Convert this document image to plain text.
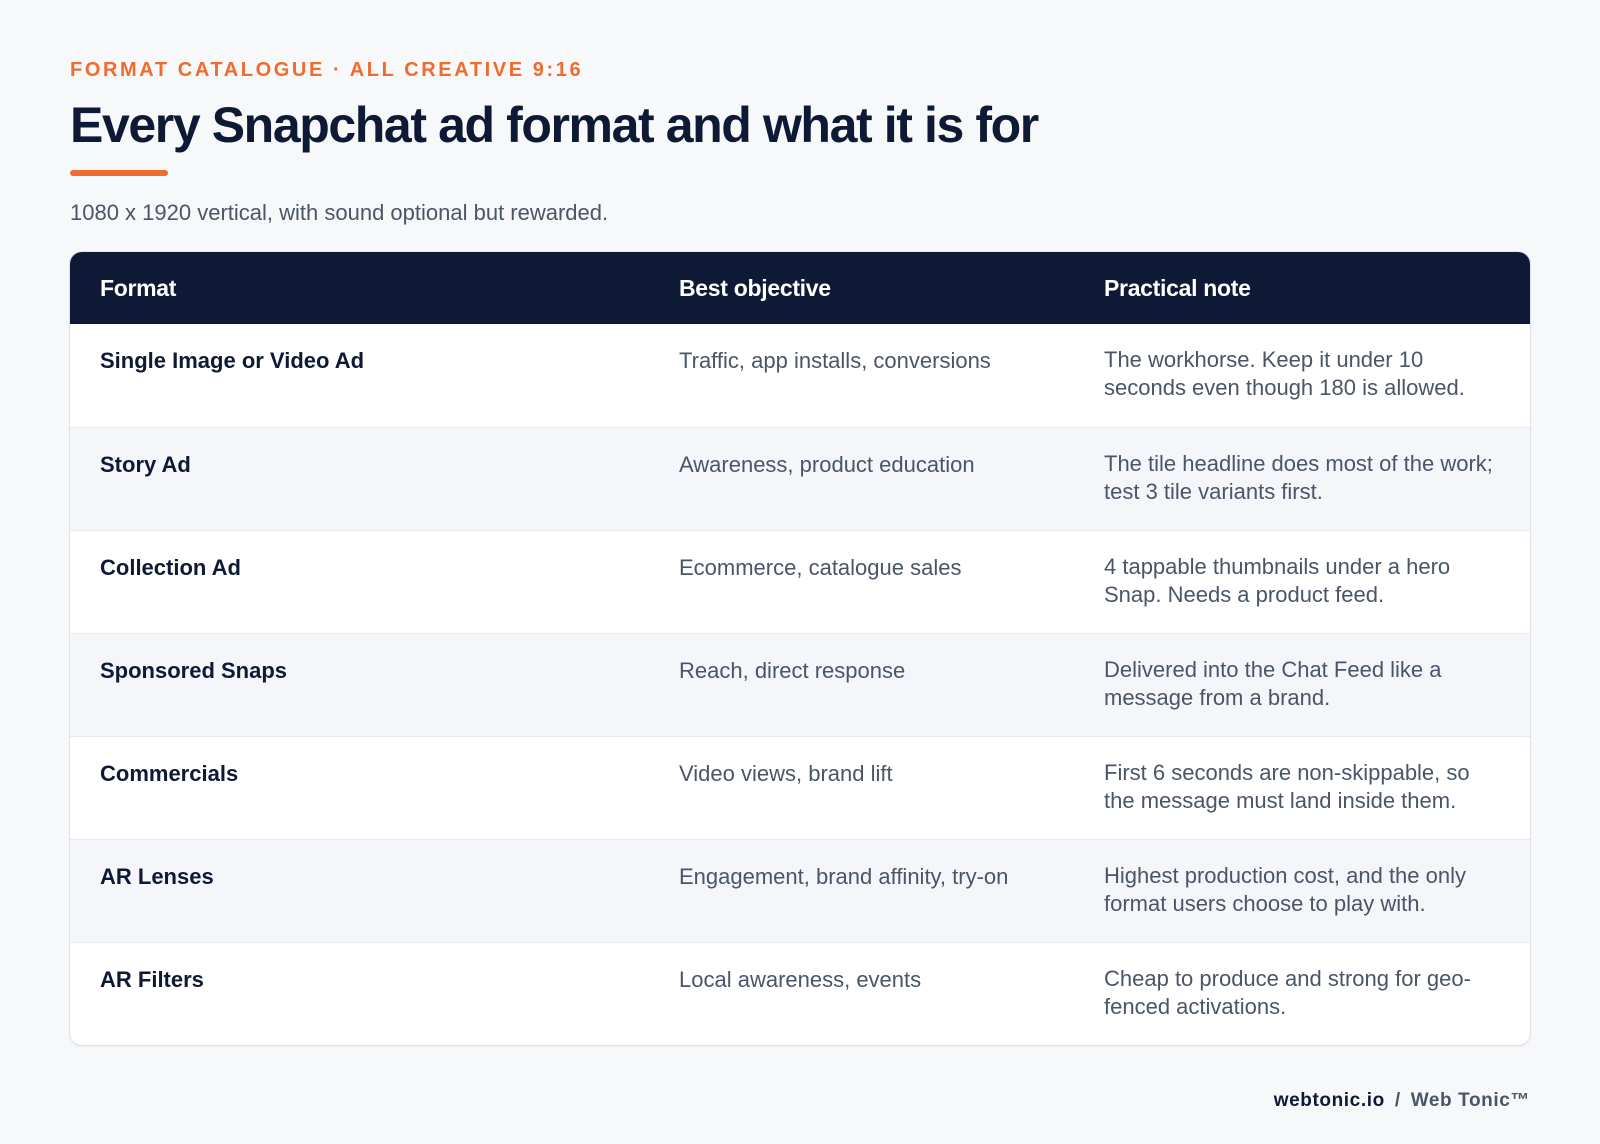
FORMAT CATALOGUE · ALL CREATIVE 9:16
Every Snapchat ad format and what it is for
1080 x 1920 vertical, with sound optional but rewarded.
Format	Best objective	Practical note
Single Image or Video Ad	Traffic, app installs, conversions	The workhorse. Keep it under 10 seconds even though 180 is allowed.
Story Ad	Awareness, product education	The tile headline does most of the work; test 3 tile variants first.
Collection Ad	Ecommerce, catalogue sales	4 tappable thumbnails under a hero Snap. Needs a product feed.
Sponsored Snaps	Reach, direct response	Delivered into the Chat Feed like a message from a brand.
Commercials	Video views, brand lift	First 6 seconds are non-skippable, so the message must land inside them.
AR Lenses	Engagement, brand affinity, try-on	Highest production cost, and the only format users choose to play with.
AR Filters	Local awareness, events	Cheap to produce and strong for geo-fenced activations.
webtonic.io / Web Tonic™
